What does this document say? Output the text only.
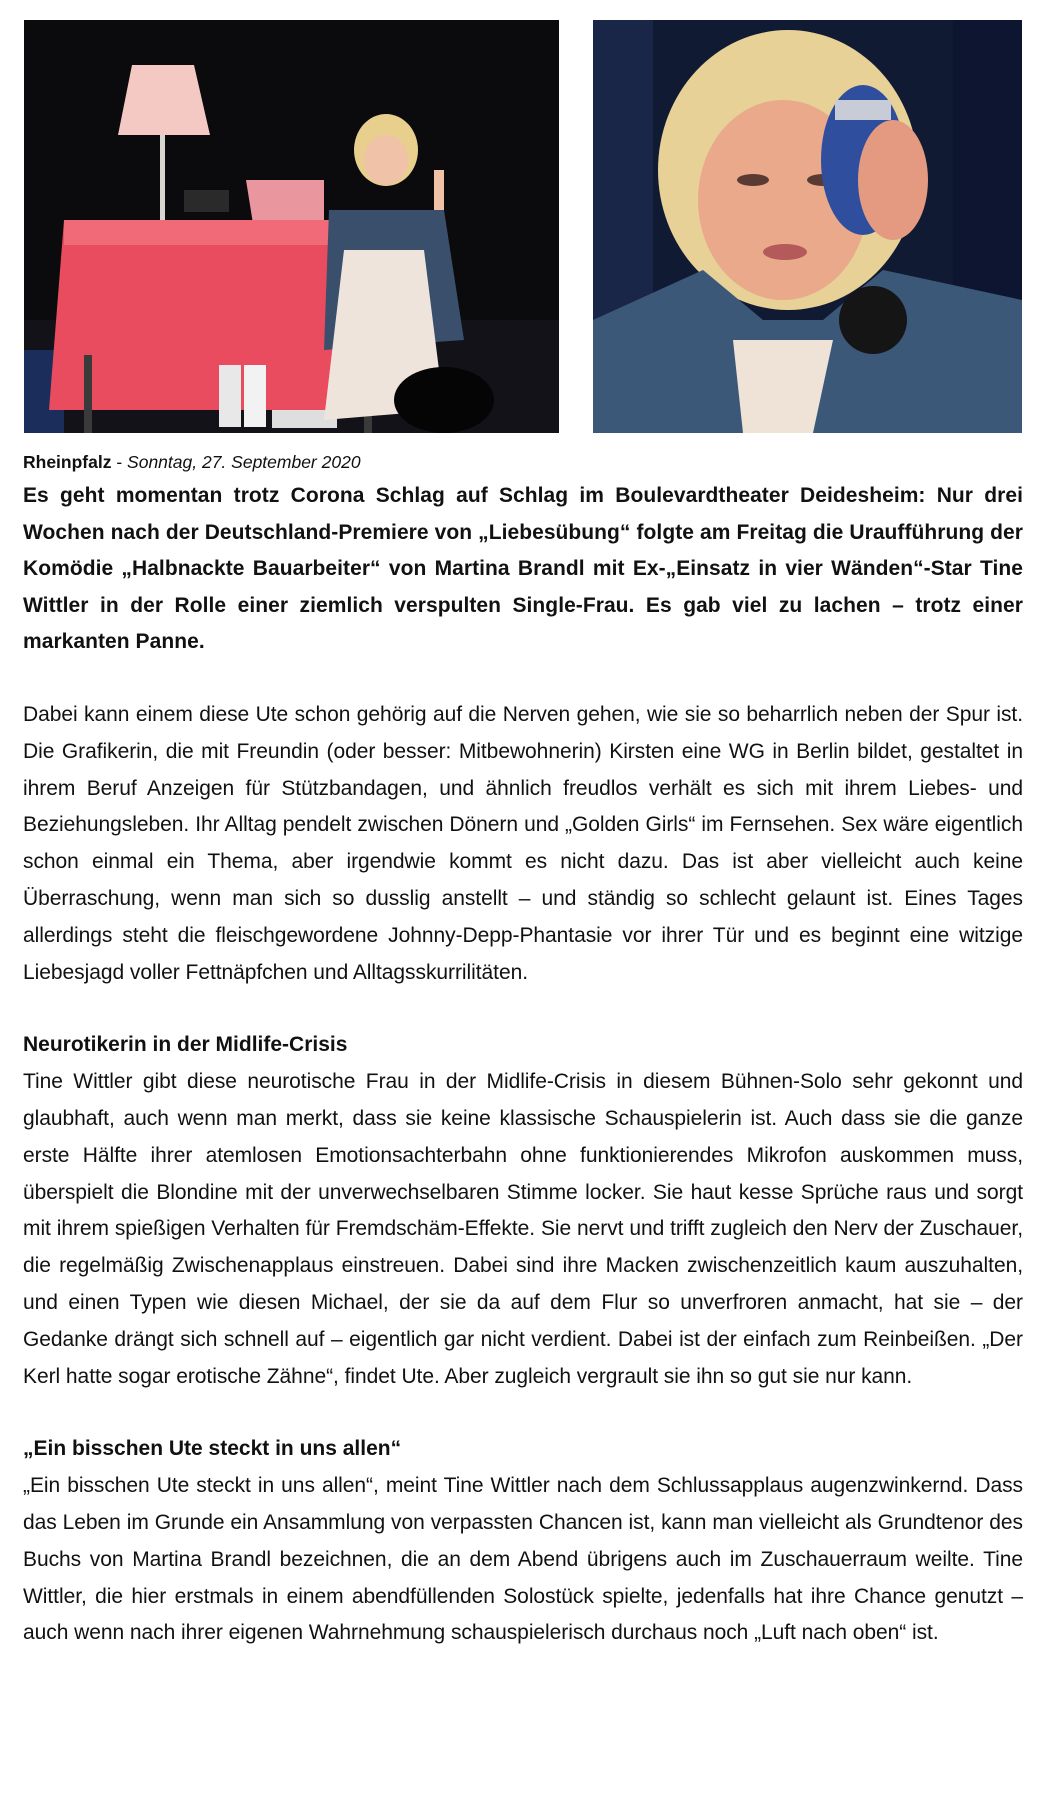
Rheinpfalz - Sonntag, 27. September 2020

Es geht momentan trotz Corona Schlag auf Schlag im Boulevardtheater Deidesheim: Nur drei Wochen nach der Deutschland-Premiere von „Liebesübung“ folgte am Freitag die Uraufführung der Komödie „Halbnackte Bauarbeiter“ von Martina Brandl mit Ex-„Einsatz in vier Wänden“-Star Tine Wittler in der Rolle einer ziemlich verspulten Single-Frau. Es gab viel zu lachen – trotz einer markanten Panne.

Dabei kann einem diese Ute schon gehörig auf die Nerven gehen, wie sie so beharrlich neben der Spur ist. Die Grafikerin, die mit Freundin (oder besser: Mitbewohnerin) Kirsten eine WG in Berlin bildet, gestaltet in ihrem Beruf Anzeigen für Stützbandagen, und ähnlich freudlos verhält es sich mit ihrem Liebes- und Beziehungsleben. Ihr Alltag pendelt zwischen Dönern und „Golden Girls“ im Fernsehen. Sex wäre eigentlich schon einmal ein Thema, aber irgendwie kommt es nicht dazu. Das ist aber vielleicht auch keine Überraschung, wenn man sich so dusslig anstellt – und ständig so schlecht gelaunt ist. Eines Tages allerdings steht die fleischgewordene Johnny-Depp-Phantasie vor ihrer Tür und es beginnt eine witzige Liebesjagd voller Fettnäpfchen und Alltagsskurrilitäten.

Neurotikerin in der Midlife-Crisis

Tine Wittler gibt diese neurotische Frau in der Midlife-Crisis in diesem Bühnen-Solo sehr gekonnt und glaubhaft, auch wenn man merkt, dass sie keine klassische Schauspielerin ist. Auch dass sie die ganze erste Hälfte ihrer atemlosen Emotionsachterbahn ohne funktionierendes Mikrofon auskommen muss, überspielt die Blondine mit der unverwechselbaren Stimme locker. Sie haut kesse Sprüche raus und sorgt mit ihrem spießigen Verhalten für Fremdschäm-Effekte. Sie nervt und trifft zugleich den Nerv der Zuschauer, die regelmäßig Zwischenapplaus einstreuen. Dabei sind ihre Macken zwischenzeitlich kaum auszuhalten, und einen Typen wie diesen Michael, der sie da auf dem Flur so unverfroren anmacht, hat sie – der Gedanke drängt sich schnell auf – eigentlich gar nicht verdient. Dabei ist der einfach zum Reinbeißen. „Der Kerl hatte sogar erotische Zähne“, findet Ute. Aber zugleich vergrault sie ihn so gut sie nur kann.

„Ein bisschen Ute steckt in uns allen“

„Ein bisschen Ute steckt in uns allen“, meint Tine Wittler nach dem Schlussapplaus augenzwinkernd. Dass das Leben im Grunde ein Ansammlung von verpassten Chancen ist, kann man vielleicht als Grundtenor des Buchs von Martina Brandl bezeichnen, die an dem Abend übrigens auch im Zuschauerraum weilte. Tine Wittler, die hier erstmals in einem abendfüllenden Solostück spielte, jedenfalls hat ihre Chance genutzt – auch wenn nach ihrer eigenen Wahrnehmung schauspielerisch durchaus noch „Luft nach oben“ ist.
